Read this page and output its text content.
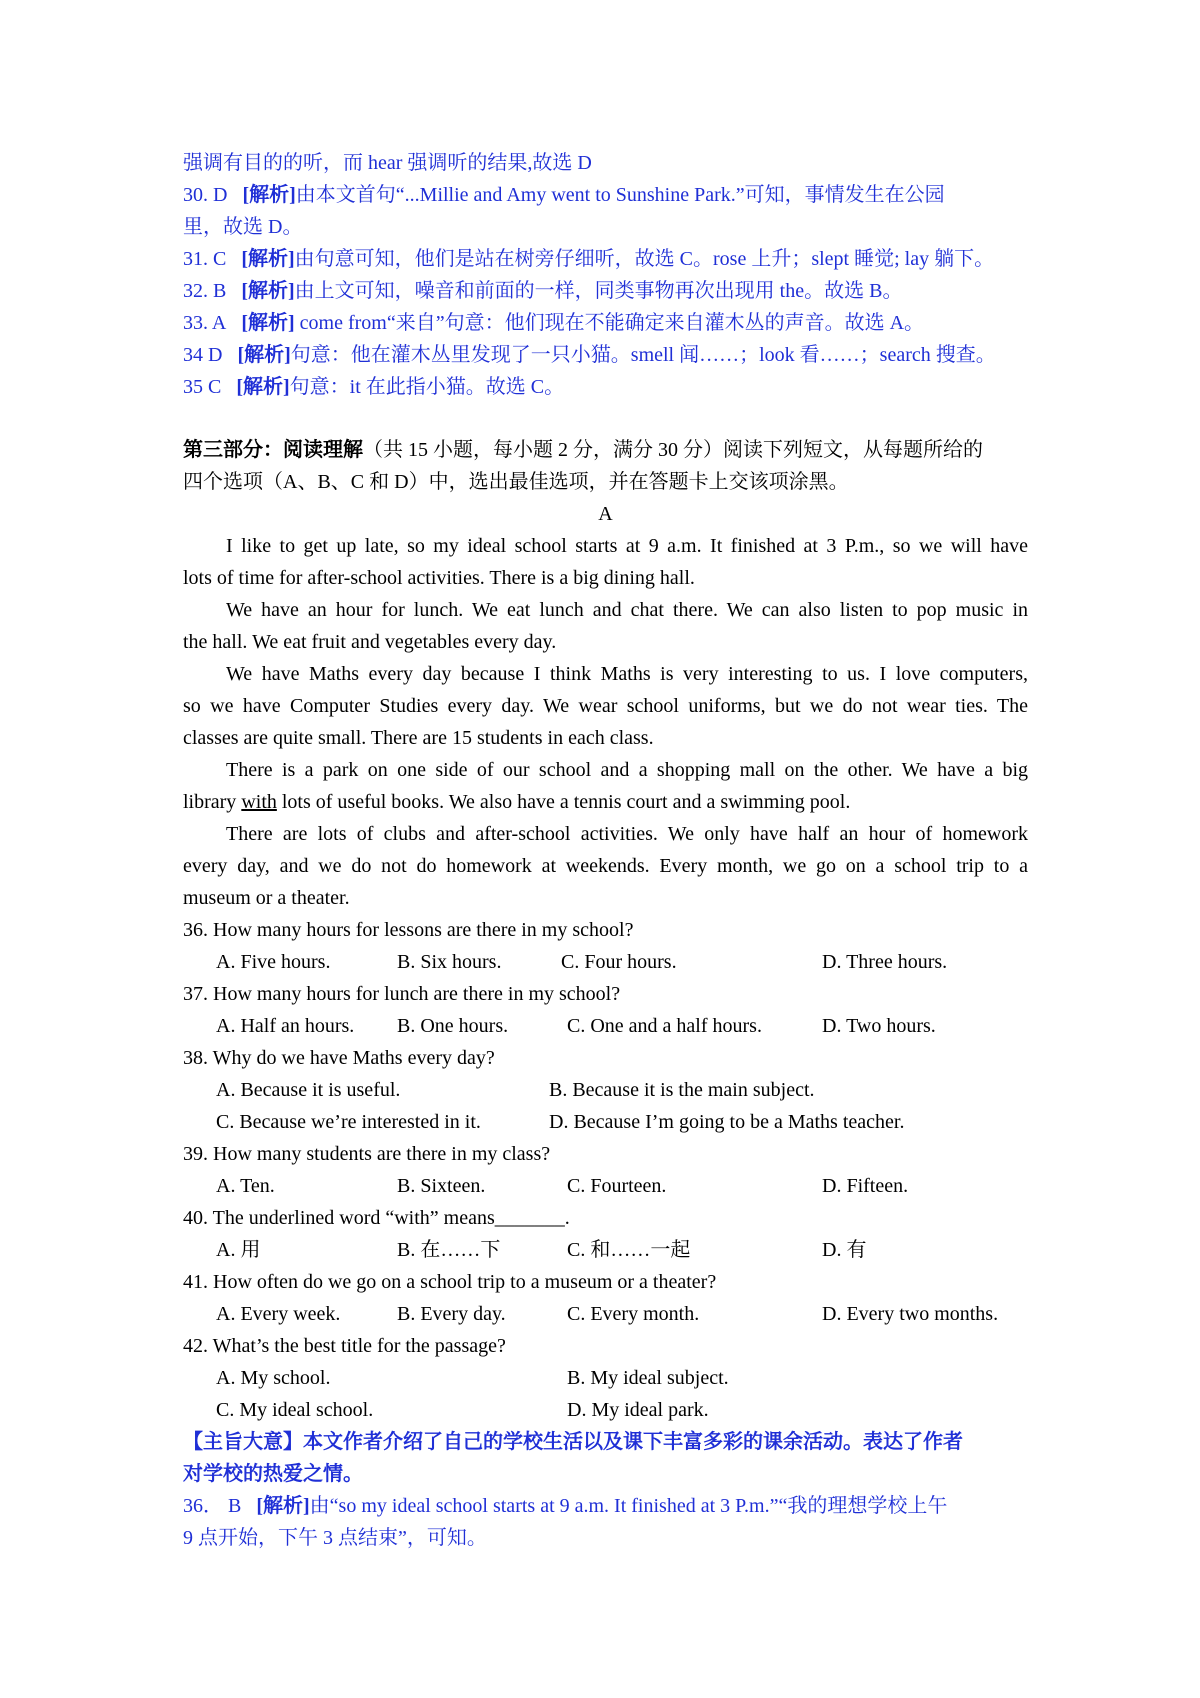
强调有目的的听，而 hear 强调听的结果,故选 D
30. D [解析]由本文首句“...Millie and Amy went to Sunshine Park.”可知，事情发生在公园
里，故选 D。
31. C [解析]由句意可知，他们是站在树旁仔细听，故选 C。rose 上升；slept 睡觉; lay 躺下。
32. B [解析]由上文可知，噪音和前面的一样，同类事物再次出现用 the。故选 B。
33. A [解析] come from“来自”句意：他们现在不能确定来自灌木丛的声音。故选 A。
34 D [解析]句意：他在灌木丛里发现了一只小猫。smell 闻……；look 看……；search 搜查。
35 C [解析]句意：it 在此指小猫。故选 C。
第三部分：阅读理解（共 15 小题，每小题 2 分，满分 30 分）阅读下列短文，从每题所给的
四个选项（A、B、C 和 D）中，选出最佳选项，并在答题卡上交该项涂黑。
A
I like to get up late, so my ideal school starts at 9 a.m. It finished at 3 P.m., so we will have
lots of time for after-school activities. There is a big dining hall.
We have an hour for lunch. We eat lunch and chat there. We can also listen to pop music in
the hall. We eat fruit and vegetables every day.
We have Maths every day because I think Maths is very interesting to us. I love computers,
so we have Computer Studies every day. We wear school uniforms, but we do not wear ties. The
classes are quite small. There are 15 students in each class.
There is a park on one side of our school and a shopping mall on the other. We have a big
library with lots of useful books. We also have a tennis court and a swimming pool.
There are lots of clubs and after-school activities. We only have half an hour of homework
every day, and we do not do homework at weekends. Every month, we go on a school trip to a
museum or a theater.
36. How many hours for lessons are there in my school?
A. Five hours.	B. Six hours.	C. Four hours.	D. Three hours.
37. How many hours for lunch are there in my school?
A. Half an hours. B. One hours.	C. One and a half hours.	D. Two hours.
38. Why do we have Maths every day?
A. Because it is useful.	B. Because it is the main subject.
C. Because we’re interested in it.	D. Because I’m going to be a Maths teacher.
39. How many students are there in my class?
A. Ten.	B. Sixteen.	C. Fourteen.	D. Fifteen.
40. The underlined word “with” means_______.
A. 用	B. 在……下	C. 和……一起	D. 有
41. How often do we go on a school trip to a museum or a theater?
A. Every week.	B. Every day.	C. Every month.	D. Every two months.
42. What’s the best title for the passage?
A. My school.	B. My ideal subject.
C. My ideal school.	D. My ideal park.
【主旨大意】本文作者介绍了自己的学校生活以及课下丰富多彩的课余活动。表达了作者
对学校的热爱之情。
36． B [解析]由“so my ideal school starts at 9 a.m. It finished at 3 P.m.”“我的理想学校上午
9 点开始，下午 3 点结束”，可知。
